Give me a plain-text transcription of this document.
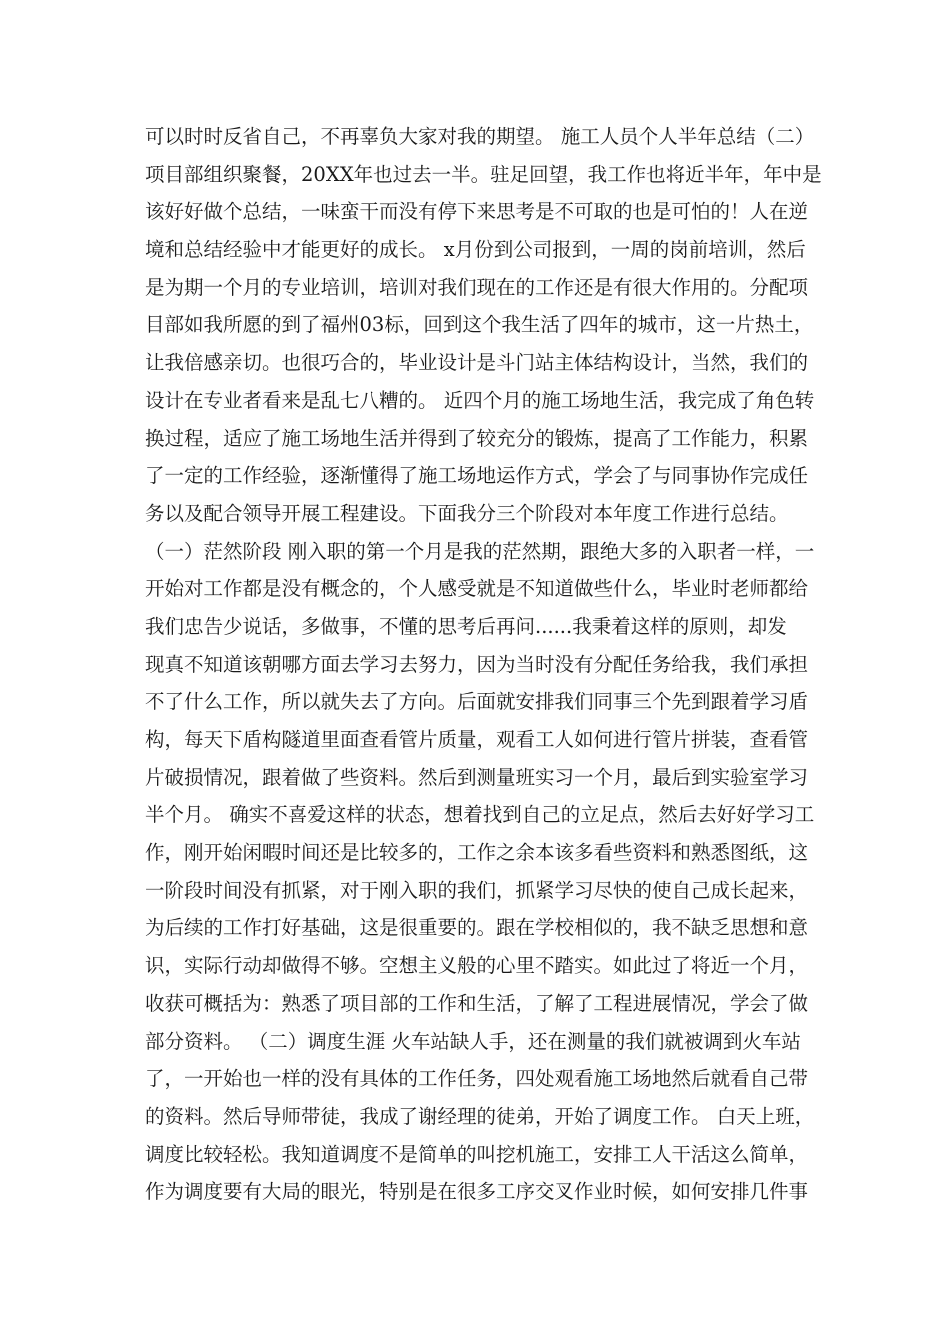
可以时时反省自己，不再辜负大家对我的期望。 施工人员个人半年总结（二）
项目部组织聚餐，20XX年也过去一半。驻足回望，我工作也将近半年，年中是
该好好做个总结，一味蛮干而没有停下来思考是不可取的也是可怕的！人在逆
境和总结经验中才能更好的成长。 x月份到公司报到，一周的岗前培训，然后
是为期一个月的专业培训，培训对我们现在的工作还是有很大作用的。分配项
目部如我所愿的到了福州03标，回到这个我生活了四年的城市，这一片热土，
让我倍感亲切。也很巧合的，毕业设计是斗门站主体结构设计，当然，我们的
设计在专业者看来是乱七八糟的。 近四个月的施工场地生活，我完成了角色转
换过程，适应了施工场地生活并得到了较充分的锻炼，提高了工作能力，积累
了一定的工作经验，逐渐懂得了施工场地运作方式，学会了与同事协作完成任
务以及配合领导开展工程建设。下面我分三个阶段对本年度工作进行总结。
（一）茫然阶段 刚入职的第一个月是我的茫然期，跟绝大多的入职者一样，一
开始对工作都是没有概念的，个人感受就是不知道做些什么，毕业时老师都给
我们忠告少说话，多做事，不懂的思考后再问......我秉着这样的原则，却发
现真不知道该朝哪方面去学习去努力，因为当时没有分配任务给我，我们承担
不了什么工作，所以就失去了方向。后面就安排我们同事三个先到跟着学习盾
构，每天下盾构隧道里面查看管片质量，观看工人如何进行管片拼装，查看管
片破损情况，跟着做了些资料。然后到测量班实习一个月，最后到实验室学习
半个月。 确实不喜爱这样的状态，想着找到自己的立足点，然后去好好学习工
作，刚开始闲暇时间还是比较多的，工作之余本该多看些资料和熟悉图纸，这
一阶段时间没有抓紧，对于刚入职的我们，抓紧学习尽快的使自己成长起来，
为后续的工作打好基础，这是很重要的。跟在学校相似的，我不缺乏思想和意
识，实际行动却做得不够。空想主义般的心里不踏实。如此过了将近一个月，
收获可概括为：熟悉了项目部的工作和生活，了解了工程进展情况，学会了做
部分资料。 （二）调度生涯 火车站缺人手，还在测量的我们就被调到火车站
了，一开始也一样的没有具体的工作任务，四处观看施工场地然后就看自己带
的资料。然后导师带徒，我成了谢经理的徒弟，开始了调度工作。 白天上班，
调度比较轻松。我知道调度不是简单的叫挖机施工，安排工人干活这么简单，
作为调度要有大局的眼光，特别是在很多工序交叉作业时候，如何安排几件事
